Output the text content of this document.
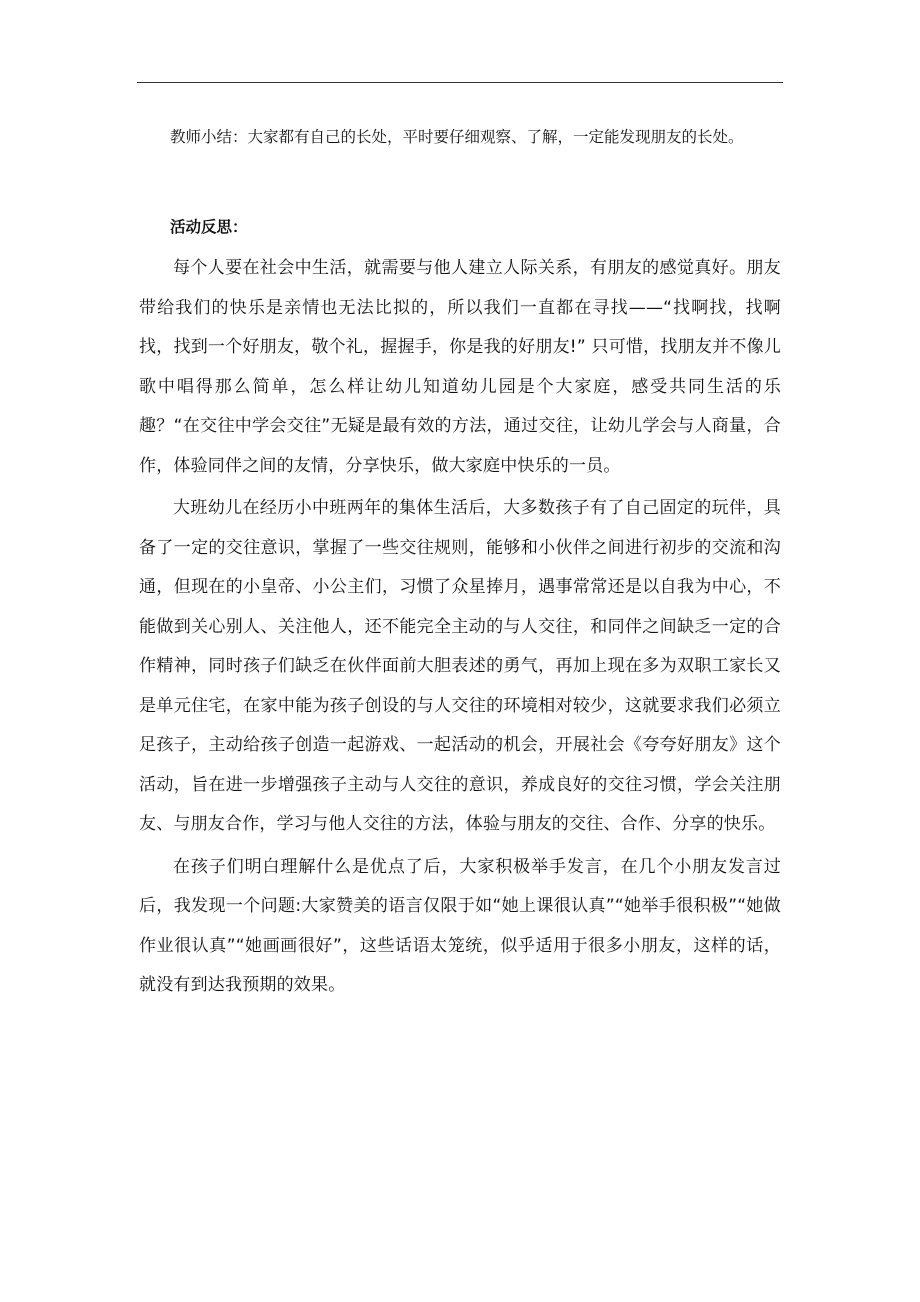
教师小结：大家都有自己的长处，平时要仔细观察、了解，一定能发现朋友的长处。

活动反思：

每个人要在社会中生活，就需要与他人建立人际关系，有朋友的感觉真好。朋友带给我们的快乐是亲情也无法比拟的，所以我们一直都在寻找——“找啊找，找啊找，找到一个好朋友，敬个礼，握握手，你是我的好朋友!” 只可惜，找朋友并不像儿歌中唱得那么简单，怎么样让幼儿知道幼儿园是个大家庭，感受共同生活的乐趣？“在交往中学会交往”无疑是最有效的方法，通过交往，让幼儿学会与人商量，合作，体验同伴之间的友情，分享快乐，做大家庭中快乐的一员。

大班幼儿在经历小中班两年的集体生活后，大多数孩子有了自己固定的玩伴，具备了一定的交往意识，掌握了一些交往规则，能够和小伙伴之间进行初步的交流和沟通，但现在的小皇帝、小公主们，习惯了众星捧月，遇事常常还是以自我为中心，不能做到关心别人、关注他人，还不能完全主动的与人交往，和同伴之间缺乏一定的合作精神，同时孩子们缺乏在伙伴面前大胆表述的勇气，再加上现在多为双职工家长又是单元住宅，在家中能为孩子创设的与人交往的环境相对较少，这就要求我们必须立足孩子，主动给孩子创造一起游戏、一起活动的机会，开展社会《夸夸好朋友》这个活动，旨在进一步增强孩子主动与人交往的意识，养成良好的交往习惯，学会关注朋友、与朋友合作，学习与他人交往的方法，体验与朋友的交往、合作、分享的快乐。

在孩子们明白理解什么是优点了后，大家积极举手发言，在几个小朋友发言过后，我发现一个问题:大家赞美的语言仅限于如“她上课很认真”“她举手很积极”“她做作业很认真”“她画画很好”，这些话语太笼统，似乎适用于很多小朋友，这样的话，就没有到达我预期的效果。
